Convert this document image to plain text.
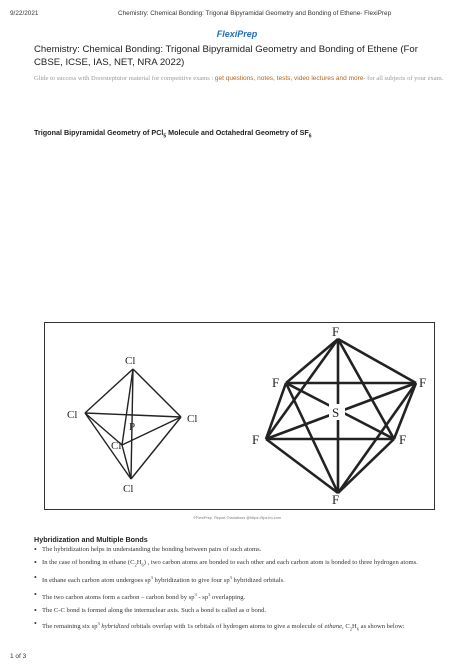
9/22/2021	Chemistry: Chemical Bonding: Trigonal Bipyramidal Geometry and Bonding of Ethene- FlexiPrep
FlexiPrep
Chemistry: Chemical Bonding: Trigonal Bipyramidal Geometry and Bonding of Ethene (For CBSE, ICSE, IAS, NET, NRA 2022)
Glide to success with Doorsteptutor material for competitive exams : get questions, notes, tests, video lectures and more- for all subjects of your exam.
Trigonal Bipyramidal Geometry of PCl$_5$ Molecule and Octahedral Geometry of $SF_6$
Cl
Cl	Cl
Cl
Cl
P
F
F	F
F	F
F
S
©FlexiPrep. Report ©violations @https://tips.fm.com
Hybridization and Multiple Bonds
• The hybridization helps in understanding the bonding between pairs of such atoms.
• In the case of bonding in ethane $(C_2H_6)$ , two carbon atoms are bonded to each other and each carbon atom is bonded to three hydrogen atoms.
• In ethane each carbon atom undergoes $sp^3$ hybridization to give four $sp^3$ hybridized orbitals.
• The two carbon atoms form a carbon – carbon bond by $sp^3 - sp^3$ overlapping.
• The C-C bond is formed along the internuclear axis. Such a bond is called as σ bond.
• The remaining six $sp^3$ hybridized orbitals overlap with 1s orbitals of hydrogen atoms to give a molecule of ethane, $C_2H_6$ as shown below:
1 of 3
